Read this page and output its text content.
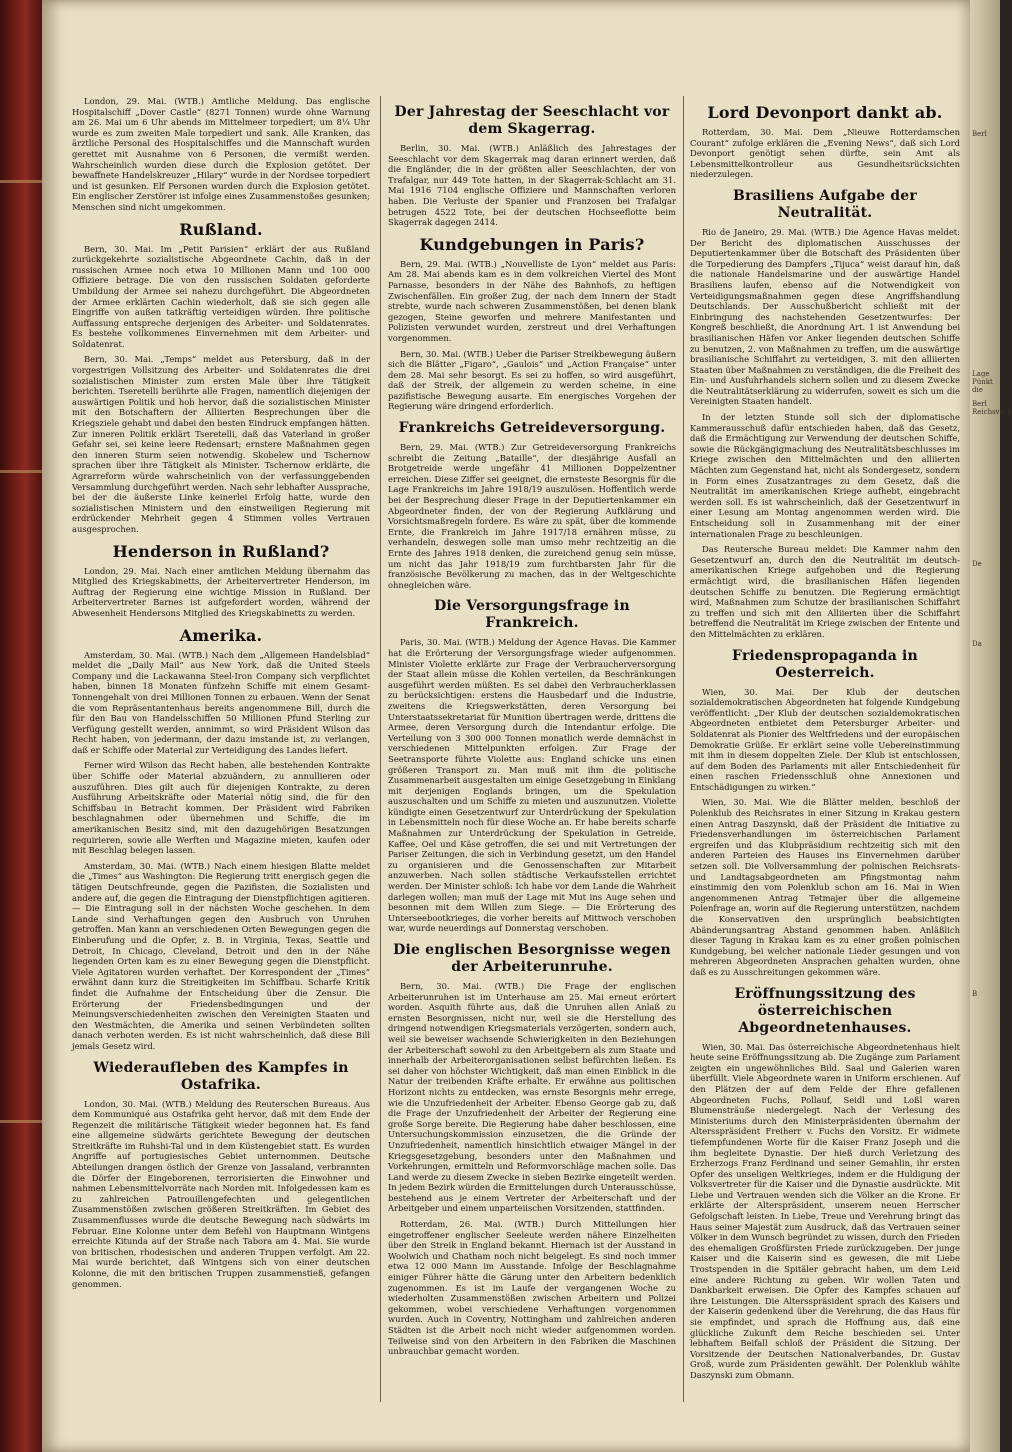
London, 29. Mai. (WTB.) Amtliche Meldung. Das englische Hospitalschiff „Dover Castle“ (8271 Tonnen) wurde ohne Warnung am 26. Mai um 6 Uhr abends im Mittelmeer torpediert; um 8¼ Uhr wurde es zum zweiten Male torpediert und sank. Alle Kranken, das ärztliche Personal des Hospitalschiffes und die Mannschaft wurden gerettet mit Ausnahme von 6 Personen, die vermißt werden. Wahrscheinlich wurden diese durch die Explosion getötet. Der bewaffnete Handelskreuzer „Hilary“ wurde in der Nordsee torpediert und ist gesunken. Elf Personen wurden durch die Explosion getötet. Ein englischer Zerstörer ist infolge eines Zusammenstoßes gesunken; Menschen sind nicht umgekommen.

Rußland.

Bern, 30. Mai. Im „Petit Parisien“ erklärt der aus Rußland zurückgekehrte sozialistische Abgeordnete Cachin, daß in der russischen Armee noch etwa 10 Millionen Mann und 100 000 Offiziere betrage. Die von den russischen Soldaten geforderte Umbildung der Armee sei nahezu durchgeführt. Die Abgeordneten der Armee erklärten Cachin wiederholt, daß sie sich gegen alle Eingriffe von außen tatkräftig verteidigen würden. Ihre politische Auffassung entspreche derjenigen des Arbeiter- und Soldatenrates. Es bestehe vollkommenes Einvernehmen mit dem Arbeiter- und Soldatenrat.

Bern, 30. Mai. „Temps“ meldet aus Petersburg, daß in der vorgestrigen Vollsitzung des Arbeiter- und Soldatenrates die drei sozialistischen Minister zum ersten Male über ihre Tätigkeit berichten. Tseretelli berührte alle Fragen, namentlich diejenigen der auswärtigen Politik und hob hervor, daß die sozialistischen Minister mit den Botschaftern der Alliierten Besprechungen über die Kriegsziele gehabt und dabei den besten Eindruck empfangen hätten. Zur inneren Politik erklärt Tseretelli, daß das Vaterland in großer Gefahr sei, sei keine leere Redensart; ernstere Maßnahmen gegen den inneren Sturm seien notwendig. Skobelew und Tschernow sprachen über ihre Tätigkeit als Minister. Tschernow erklärte, die Agrarreform würde wahrscheinlich von der verfassunggebenden Versammlung durchgeführt werden. Nach sehr lebhafter Aussprache, bei der die äußerste Linke keinerlei Erfolg hatte, wurde den sozialistischen Ministern und den einstweiligen Regierung mit erdrückender Mehrheit gegen 4 Stimmen volles Vertrauen ausgesprochen.

Henderson in Rußland?

London, 29. Mai. Nach einer amtlichen Meldung übernahm das Mitglied des Kriegskabinetts, der Arbeitervertreter Henderson, im Auftrag der Regierung eine wichtige Mission in Rußland. Der Arbeitervertreter Barnes ist aufgefordert worden, während der Abwesenheit Hendersons Mitglied des Kriegskabinetts zu werden.

Amerika.

Amsterdam, 30. Mai. (WTB.) Nach dem „Allgemeen Handelsblad“ meldet die „Daily Mail“ aus New York, daß die United Steels Company und die Lackawanna Steel-Iron Company sich verpflichtet haben, binnen 18 Monaten fünfzehn Schiffe mit einem Gesamt-Tonnengehalt von drei Millionen Tonnen zu erbauen. Wenn der Senat die vom Repräsentantenhaus bereits angenommene Bill, durch die für den Bau von Handelsschiffen 50 Millionen Pfund Sterling zur Verfügung gestellt werden, annimmt, so wird Präsident Wilson das Recht haben, von jedermann, der dazu imstande ist, zu verlangen, daß er Schiffe oder Material zur Verteidigung des Landes liefert.

Ferner wird Wilson das Recht haben, alle bestehenden Kontrakte über Schiffe oder Material abzuändern, zu annullieren oder auszuführen. Dies gilt auch für diejenigen Kontrakte, zu deren Ausführung Arbeitskräfte oder Material nötig sind, die für den Schiffsbau in Betracht kommen. Der Präsident wird Fabriken beschlagnahmen oder übernehmen und Schiffe, die im amerikanischen Besitz sind, mit den dazugehörigen Besatzungen requirieren, sowie alle Werften und Magazine mieten, kaufen oder mit Beschlag belegen lassen.

Amsterdam, 30. Mai. (WTB.) Nach einem hiesigen Blatte meldet die „Times“ aus Washington: Die Regierung tritt energisch gegen die tätigen Deutschfreunde, gegen die Pazifisten, die Sozialisten und andere auf, die gegen die Eintragung der Dienstpflichtigen agitieren. — Die Eintragung soll in der nächsten Woche geschehen. In dem Lande sind Verhaftungen gegen den Ausbruch von Unruhen getroffen. Man kann an verschiedenen Orten Bewegungen gegen die Einberufung und die Opfer, z. B. in Virginia, Texas, Seattle und Detroit, In Chicago, Cleveland, Detroit und den in der Nähe liegenden Orten kam es zu einer Bewegung gegen die Dienstpflicht. Viele Agitatoren wurden verhaftet. Der Korrespondent der „Times“ erwähnt dann kurz die Streitigkeiten im Schiffbau. Scharfe Kritik findet die Aufnahme der Entscheidung über die Zensur. Die Erörterung der Friedensbedingungen und der Meinungsverschiedenheiten zwischen den Vereinigten Staaten und den Westmächten, die Amerika und seinen Verbündeten sollten danach verboten werden. Es ist nicht wahrscheinlich, daß diese Bill jemals Gesetz wird.

Wiederaufleben des Kampfes in Ostafrika.

London, 30. Mai. (WTB.) Meldung des Reuterschen Bureaus. Aus dem Kommuniqué aus Ostafrika geht hervor, daß mit dem Ende der Regenzeit die militärische Tätigkeit wieder begonnen hat. Es fand eine allgemeine südwärts gerichtete Bewegung der deutschen Streitkräfte im Ruhshi-Tal und in dem Küstengebiet statt. Es wurden Angriffe auf portugiesisches Gebiet unternommen. Deutsche Abteilungen drangen östlich der Grenze von Jassaland, verbrannten die Dörfer der Eingeborenen, terrorisierten die Einwohner und nahmen Lebensmittelvorräte nach Norden mit. Infolgedessen kam es zu zahlreichen Patrouillengefechten und gelegentlichen Zusammenstößen zwischen größeren Streitkräften. Im Gebiet des Zusammenflusses wurde die deutsche Bewegung nach südwärts im Februar. Eine Kolonne unter dem Befehl von Hauptmann Wintgens erreichte Kitunda auf der Straße nach Tabora am 4. Mai. Sie wurde von britischen, rhodesischen und anderen Truppen verfolgt. Am 22. Mai wurde berichtet, daß Wintgens sich von einer deutschen Kolonne, die mit den britischen Truppen zusammenstieß, gefangen genommen.

Der Jahrestag der Seeschlacht vor dem Skagerrag.

Berlin, 30. Mai. (WTB.) Anläßlich des Jahrestages der Seeschlacht vor dem Skagerrak mag daran erinnert werden, daß die Engländer, die in der größten aller Seeschlachten, der von Trafalgar, nur 449 Tote hatten, in der Skagerrak-Schlacht am 31. Mai 1916 7104 englische Offiziere und Mannschaften verloren haben. Die Verluste der Spanier und Franzosen bei Trafalgar betrugen 4522 Tote, bei der deutschen Hochseeflotte beim Skagerrak dagegen 2414.

Kundgebungen in Paris?

Bern, 29. Mai. (WTB.) „Nouvelliste de Lyon“ meldet aus Paris: Am 28. Mai abends kam es in dem volkreichen Viertel des Mont Parnasse, besonders in der Nähe des Bahnhofs, zu heftigen Zwischenfällen. Ein großer Zug, der nach dem Innern der Stadt strebte, wurde nach schweren Zusammenstößen, bei denen blank gezogen, Steine geworfen und mehrere Manifestanten und Polizisten verwundet wurden, zerstreut und drei Verhaftungen vorgenommen.

Bern, 30. Mai. (WTB.) Ueber die Pariser Streikbewegung äußern sich die Blätter „Figaro“, „Gaulois“ und „Action Française“ unter dem 28. Mai sehr besorgt. Es sei zu hoffen, so wird ausgeführt, daß der Streik, der allgemein zu werden scheine, in eine pazifistische Bewegung ausarte. Ein energisches Vorgehen der Regierung wäre dringend erforderlich.

Frankreichs Getreideversorgung.

Bern, 29. Mai. (WTB.) Zur Getreideversorgung Frankreichs schreibt die Zeitung „Bataille“, der diesjährige Ausfall an Brotgetreide werde ungefähr 41 Millionen Doppelzentner erreichen. Diese Ziffer sei geeignet, die ernsteste Besorgnis für die Lage Frankreichs im Jahre 1918/19 auszulösen. Hoffentlich werde bei der Besprechung dieser Frage in der Deputiertenkammer ein Abgeordneter finden, der von der Regierung Aufklärung und Vorsichtsmaßregeln fordere. Es wäre zu spät, über die kommende Ernte, die Frankreich im Jahre 1917/18 ernähren müsse, zu verhandeln, deswegen solle man umso mehr rechtzeitig an die Ernte des Jahres 1918 denken, die zureichend genug sein müsse, um nicht das Jahr 1918/19 zum furchtbarsten Jahr für die französische Bevölkerung zu machen, das in der Weltgeschichte ohnegleichen wäre.

Die Versorgungsfrage in Frankreich.

Paris, 30. Mai. (WTB.) Meldung der Agence Havas. Die Kammer hat die Erörterung der Versorgungsfrage wieder aufgenommen. Minister Violette erklärte zur Frage der Verbraucherversorgung der Staat allein müsse die Kohlen verteilen, da Beschränkungen ausgeführt werden müßten. Es sei dabei den Verbraucherklassen zu berücksichtigen: erstens die Hausbedarf und die Industrie, zweitens die Kriegswerkstätten, deren Versorgung bei Unterstaatssekretariat für Munition übertragen werde, drittens die Armee, deren Versorgung durch die Intendantur erfolge. Die Verteilung von 3 300 000 Tonnen monatlich werde demnächst in verschiedenen Mittelpunkten erfolgen. Zur Frage der Seetransporte führte Violette aus: England schicke uns einen größeren Transport zu. Man muß mit ihm die politische Zusammenarbeit ausgestalten um einige Gesetzgebung in Einklang mit derjenigen Englands bringen, um die Spekulation auszuschalten und um Schiffe zu mieten und auszunutzen. Violette kündigte einen Gesetzentwurf zur Unterdrückung der Spekulation in Lebensmitteln noch für diese Woche an. Er habe bereits scharfe Maßnahmen zur Unterdrückung der Spekulation in Getreide, Kaffee, Oel und Käse getroffen, die sei und mit Vertretungen der Pariser Zeitungen, die sich in Verbindung gesetzt, um den Handel zu organisieren und die Genossenschaften zur Mitarbeit anzuwerben. Nach sollen städtische Verkaufsstellen errichtet werden. Der Minister schloß: Ich habe vor dem Lande die Wahrheit darlegen wollen; man muß der Lage mit Mut ins Auge sehen und besonnen mit dem Willen zum Siege. — Die Erörterung des Unterseebootkrieges, die vorher bereits auf Mittwoch verschoben war, wurde neuerdings auf Donnerstag verschoben.

Die englischen Besorgnisse wegen der Arbeiterunruhe.

Bern, 30. Mai. (WTB.) Die Frage der englischen Arbeiterunruhen ist im Unterhause am 25. Mai erneut erörtert worden. Asquith führte aus, daß die Unruhen allen Anlaß zu ernsten Besorgnissen, nicht nur, weil sie die Herstellung des dringend notwendigen Kriegsmaterials verzögerten, sondern auch, weil sie beweiser wachsende Schwierigkeiten in den Beziehungen der Arbeiterschaft sowohl zu den Arbeitgebern als zum Staate und innerhalb der Arbeiterorganisationen selbst befürchten ließen. Es sei daher von höchster Wichtigkeit, daß man einen Einblick in die Natur der treibenden Kräfte erhalte. Er erwähne aus politischen Horizont nichts zu entdecken, was ernste Besorgnis mehr errege, wie die Unzufriedenheit der Arbeiter. Ebenso George gab zu, daß die Frage der Unzufriedenheit der Arbeiter der Regierung eine große Sorge bereite. Die Regierung habe daher beschlossen, eine Untersuchungskommission einzusetzen, die die Gründe der Unzufriedenheit, namentlich hinsichtlich etwaiger Mängel in der Kriegsgesetzgebung, besonders unter den Maßnahmen und Vorkehrungen, ermitteln und Reformvorschläge machen solle. Das Land werde zu diesem Zwecke in sieben Bezirke eingeteilt werden. In jedem Bezirk würden die Ermittelungen durch Unterausschüsse, bestehend aus je einem Vertreter der Arbeiterschaft und der Arbeitgeber und einem unparteiischen Vorsitzenden, stattfinden.

Rotterdam, 26. Mai. (WTB.) Durch Mitteilungen hier eingetroffener englischer Seeleute werden nähere Einzelheiten über den Streik in England bekannt. Hiernach ist der Ausstand in Woolwich und Chatham noch nicht beigelegt. Es sind noch immer etwa 12 000 Mann im Ausstande. Infolge der Beschlagnahme einiger Führer hätte die Gärung unter den Arbeitern bedenklich zugenommen. Es ist im Laufe der vergangenen Woche zu wiederholten Zusammenstößen zwischen Arbeitern und Polizei gekommen, wobei verschiedene Verhaftungen vorgenommen wurden. Auch in Coventry, Nottingham und zahlreichen anderen Städten ist die Arbeit noch nicht wieder aufgenommen worden. Teilweise sind von den Arbeitern in den Fabriken die Maschinen unbrauchbar gemacht worden.

Lord Devonport dankt ab.

Rotterdam, 30. Mai. Dem „Nieuwe Rotterdamschen Courant“ zufolge erklären die „Evening News“, daß sich Lord Devonport genötigt sehen dürfte, sein Amt als Lebensmittelkontrolleur aus Gesundheitsrücksichten niederzulegen.

Brasiliens Aufgabe der Neutralität.

Rio de Janeiro, 29. Mai. (WTB.) Die Agence Havas meldet: Der Bericht des diplomatischen Ausschusses der Deputiertenkammer über die Botschaft des Präsidenten über die Torpedierung des Dampfers „Tijuca“ weist darauf hin, daß die nationale Handelsmarine und der auswärtige Handel Brasiliens laufen, ebenso auf die Notwendigkeit von Verteidigungsmaßnahmen gegen diese Angriffshandlung Deutschlands. Der Ausschußbericht schließt mit der Einbringung des nachstehenden Gesetzentwurfes: Der Kongreß beschließt, die Anordnung Art. 1 ist Anwendung bei brasilianischen Häfen vor Anker liegenden deutschen Schiffe zu benutzen, 2. von Maßnahmen zu treffen, um die auswärtige brasilianische Schiffahrt zu verteidigen, 3. mit den alliierten Staaten über Maßnahmen zu verständigen, die die Freiheit des Ein- und Ausfuhrhandels sichern sollen und zu diesem Zwecke die Neutralitätserklärung zu widerrufen, soweit es sich um die Vereinigten Staaten handelt.

In der letzten Stunde soll sich der diplomatische Kammerausschuß dafür entschieden haben, daß das Gesetz, daß die Ermächtigung zur Verwendung der deutschen Schiffe, sowie die Rückgängigmachung des Neutralitätsbeschlusses im Kriege zwischen den Mittelmächten und den alliierten Mächten zum Gegenstand hat, nicht als Sondergesetz, sondern in Form eines Zusatzantrages zu dem Gesetz, daß die Neutralität im amerikanischen Kriege aufhebt, eingebracht werden soll. Es ist wahrscheinlich, daß der Gesetzentwurf in einer Lesung am Montag angenommen werden wird. Die Entscheidung soll in Zusammenhang mit der einer internationalen Frage zu beschleunigen.

Das Reutersche Bureau meldet: Die Kammer nahm den Gesetzentwurf an, durch den die Neutralität im deutsch-amerikanischen Kriege aufgehoben und die Regierung ermächtigt wird, die brasilianischen Häfen liegenden deutschen Schiffe zu benutzen. Die Regierung ermächtigt wird, Maßnahmen zum Schutze der brasilianischen Schiffahrt zu treffen und sich mit den Alliierten über die Schiffahrt betreffend die Neutralität im Kriege zwischen der Entente und den Mittelmächten zu erklären.

Friedenspropaganda in Oesterreich.

Wien, 30. Mai. Der Klub der deutschen sozialdemokratischen Abgeordneten hat folgende Kundgebung veröffentlicht: „Der Klub der deutschen sozialdemokratischen Abgeordneten entbietet dem Petersburger Arbeiter- und Soldatenrat als Pionier des Weltfriedens und der europäischen Demokratie Grüße. Er erklärt seine volle Uebereinstimmung mit ihm in diesem doppelten Ziele. Der Klub ist entschlossen, auf dem Boden des Parlaments mit aller Entschiedenheit für einen raschen Friedensschluß ohne Annexionen und Entschädigungen zu wirken.“

Wien, 30. Mai. Wie die Blätter melden, beschloß der Polenklub des Reichsrates in einer Sitzung in Krakau gestern einen Antrag Daszynski, daß der Präsident die Initiative zu Friedensverhandlungen im österreichischen Parlament ergreifen und das Klubpräsidium rechtzeitig sich mit den anderen Parteien des Hauses ins Einvernehmen darüber setzen soll. Die Vollversammlung der polnischen Reichsrats- und Landtagsabgeordneten am Pfingstmontag nahm einstimmig den vom Polenklub schon am 16. Mai in Wien angenommenen Antrag Tetmajer über die allgemeine Polenfrage an, worin auf die Regierung unterstützen, nachdem die Konservativen den ursprünglich beabsichtigten Abänderungsantrag Abstand genommen haben. Anläßlich dieser Tagung in Krakau kam es zu einer großen polnischen Kundgebung, bei welcher nationale Lieder gesungen und von mehreren Abgeordneten Ansprachen gehalten wurden, ohne daß es zu Ausschreitungen gekommen wäre.

Eröffnungssitzung des österreichischen Abgeordnetenhauses.

Wien, 30. Mai. Das österreichische Abgeordnetenhaus hielt heute seine Eröffnungssitzung ab. Die Zugänge zum Parlament zeigten ein ungewöhnliches Bild. Saal und Galerien waren überfüllt. Viele Abgeordnete waren in Uniform erschienen. Auf den Plätzen der auf dem Felde der Ehre gefallenen Abgeordneten Fuchs, Pollauf, Seidl und Loßl waren Blumensträuße niedergelegt. Nach der Verlesung des Ministeriums durch den Ministerpräsidenten übernahm der Altersspräsident Freiherr v. Fuchs den Vorsitz. Er widmete tiefempfundenen Worte für die Kaiser Franz Joseph und die ihm begleitete Dynastie. Der hieß durch Verletzung des Erzherzogs Franz Ferdinand und seiner Gemahlin, ihr ersten Opfer des unseligen Weltkrieges, indem er die Huldigung der Volksvertreter für die Kaiser und die Dynastie ausdrückte. Mit Liebe und Vertrauen wenden sich die Völker an die Krone. Er erklärte der Alterspräsident, unserem neuen Herrscher Gefolgschaft leisten. In Liebe, Treue und Verehrung bringt das Haus seiner Majestät zum Ausdruck, daß das Vertrauen seiner Völker in dem Wunsch begründet zu wissen, durch den Frieden des ehemaligen Großfürsten Friede zurückzugeben. Der junge Kaiser und die Kaiserin sind es gewesen, die mit Liebe Trostspenden in die Spitäler gebracht haben, um dem Leid eine andere Richtung zu geben. Wir wollen Taten und Dankbarkeit erweisen. Die Opfer des Kampfes schauen auf ihre Leistungen. Die Altersspräsident sprach des Kaisers und der Kaiserin gedenkend über die Verehrung, die das Haus für sie empfindet, und sprach die Hoffnung aus, daß eine glückliche Zukunft dem Reiche beschieden sei. Unter lebhaftem Beifall schloß der Präsident die Sitzung. Der Vorsitzende der Deutschen Nationalverbandes, Dr. Gustav Groß, wurde zum Präsidenten gewählt. Der Polenklub wählte Daszynski zum Obmann.

Berl
Lage Pünkt die
Berl Reichsverb
De
Da
B
